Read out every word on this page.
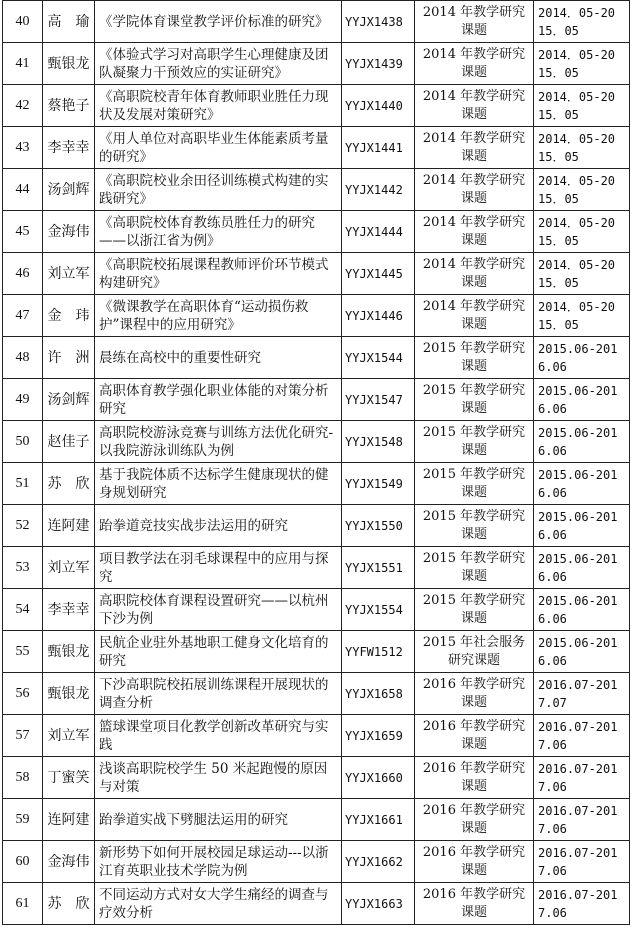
40	高　瑜	《学院体育课堂教学评价标准的研究》	YYJX1438	2014 年教学研究课题	2014．05-20
15．05

41	甄银龙	《体验式学习对高职学生心理健康及团队凝聚力干预效应的实证研究》	YYJX1439	2014 年教学研究课题	2014．05-20
15．05

42	蔡艳子	《高职院校青年体育教师职业胜任力现状及发展对策研究》	YYJX1440	2014 年教学研究课题	2014．05-20
15．05

43	李幸幸	《用人单位对高职毕业生体能素质考量的研究》	YYJX1441	2014 年教学研究课题	2014．05-20
15．05

44	汤剑辉	《高职院校业余田径训练模式构建的实践研究》	YYJX1442	2014 年教学研究课题	2014．05-20
15．05

45	金海伟	《高职院校体育教练员胜任力的研究——以浙江省为例》	YYJX1444	2014 年教学研究课题	2014．05-20
15．05

46	刘立军	《高职院校拓展课程教师评价环节模式构建研究》	YYJX1445	2014 年教学研究课题	2014．05-20
15．05

47	金　玮	《微课教学在高职体育“运动损伤救护”课程中的应用研究》	YYJX1446	2014 年教学研究课题	2014．05-20
15．05

48	许　洲	晨练在高校中的重要性研究	YYJX1544	2015 年教学研究课题	2015.06-201
6.06

49	汤剑辉	高职体育教学强化职业体能的对策分析研究	YYJX1547	2015 年教学研究课题	2015.06-201
6.06

50	赵佳子	高职院校游泳竞赛与训练方法优化研究-以我院游泳训练队为例	YYJX1548	2015 年教学研究课题	2015.06-201
6.06

51	苏　欣	基于我院体质不达标学生健康现状的健身规划研究	YYJX1549	2015 年教学研究课题	2015.06-201
6.06

52	连阿建	跆拳道竞技实战步法运用的研究	YYJX1550	2015 年教学研究课题	2015.06-201
6.06

53	刘立军	项目教学法在羽毛球课程中的应用与探究	YYJX1551	2015 年教学研究课题	2015.06-201
6.06

54	李幸幸	高职院校体育课程设置研究——以杭州下沙为例	YYJX1554	2015 年教学研究课题	2015.06-201
6.06

55	甄银龙	民航企业驻外基地职工健身文化培育的研究	YYFW1512	2015 年社会服务研究课题	2015.06-201
6.06

56	甄银龙	下沙高职院校拓展训练课程开展现状的调查分析	YYJX1658	2016 年教学研究课题	2016.07-201
7.07

57	刘立军	篮球课堂项目化教学创新改革研究与实践	YYJX1659	2016 年教学研究课题	2016.07-201
7.06

58	丁蜜笑	浅谈高职院校学生 50 米起跑慢的原因与对策	YYJX1660	2016 年教学研究课题	2016.07-201
7.06

59	连阿建	跆拳道实战下劈腿法运用的研究	YYJX1661	2016 年教学研究课题	2016.07-201
7.06

60	金海伟	新形势下如何开展校园足球运动---以浙江育英职业技术学院为例	YYJX1662	2016 年教学研究课题	2016.07-201
7.06

61	苏　欣	不同运动方式对女大学生痛经的调查与疗效分析	YYJX1663	2016 年教学研究课题	2016.07-201
7.06
